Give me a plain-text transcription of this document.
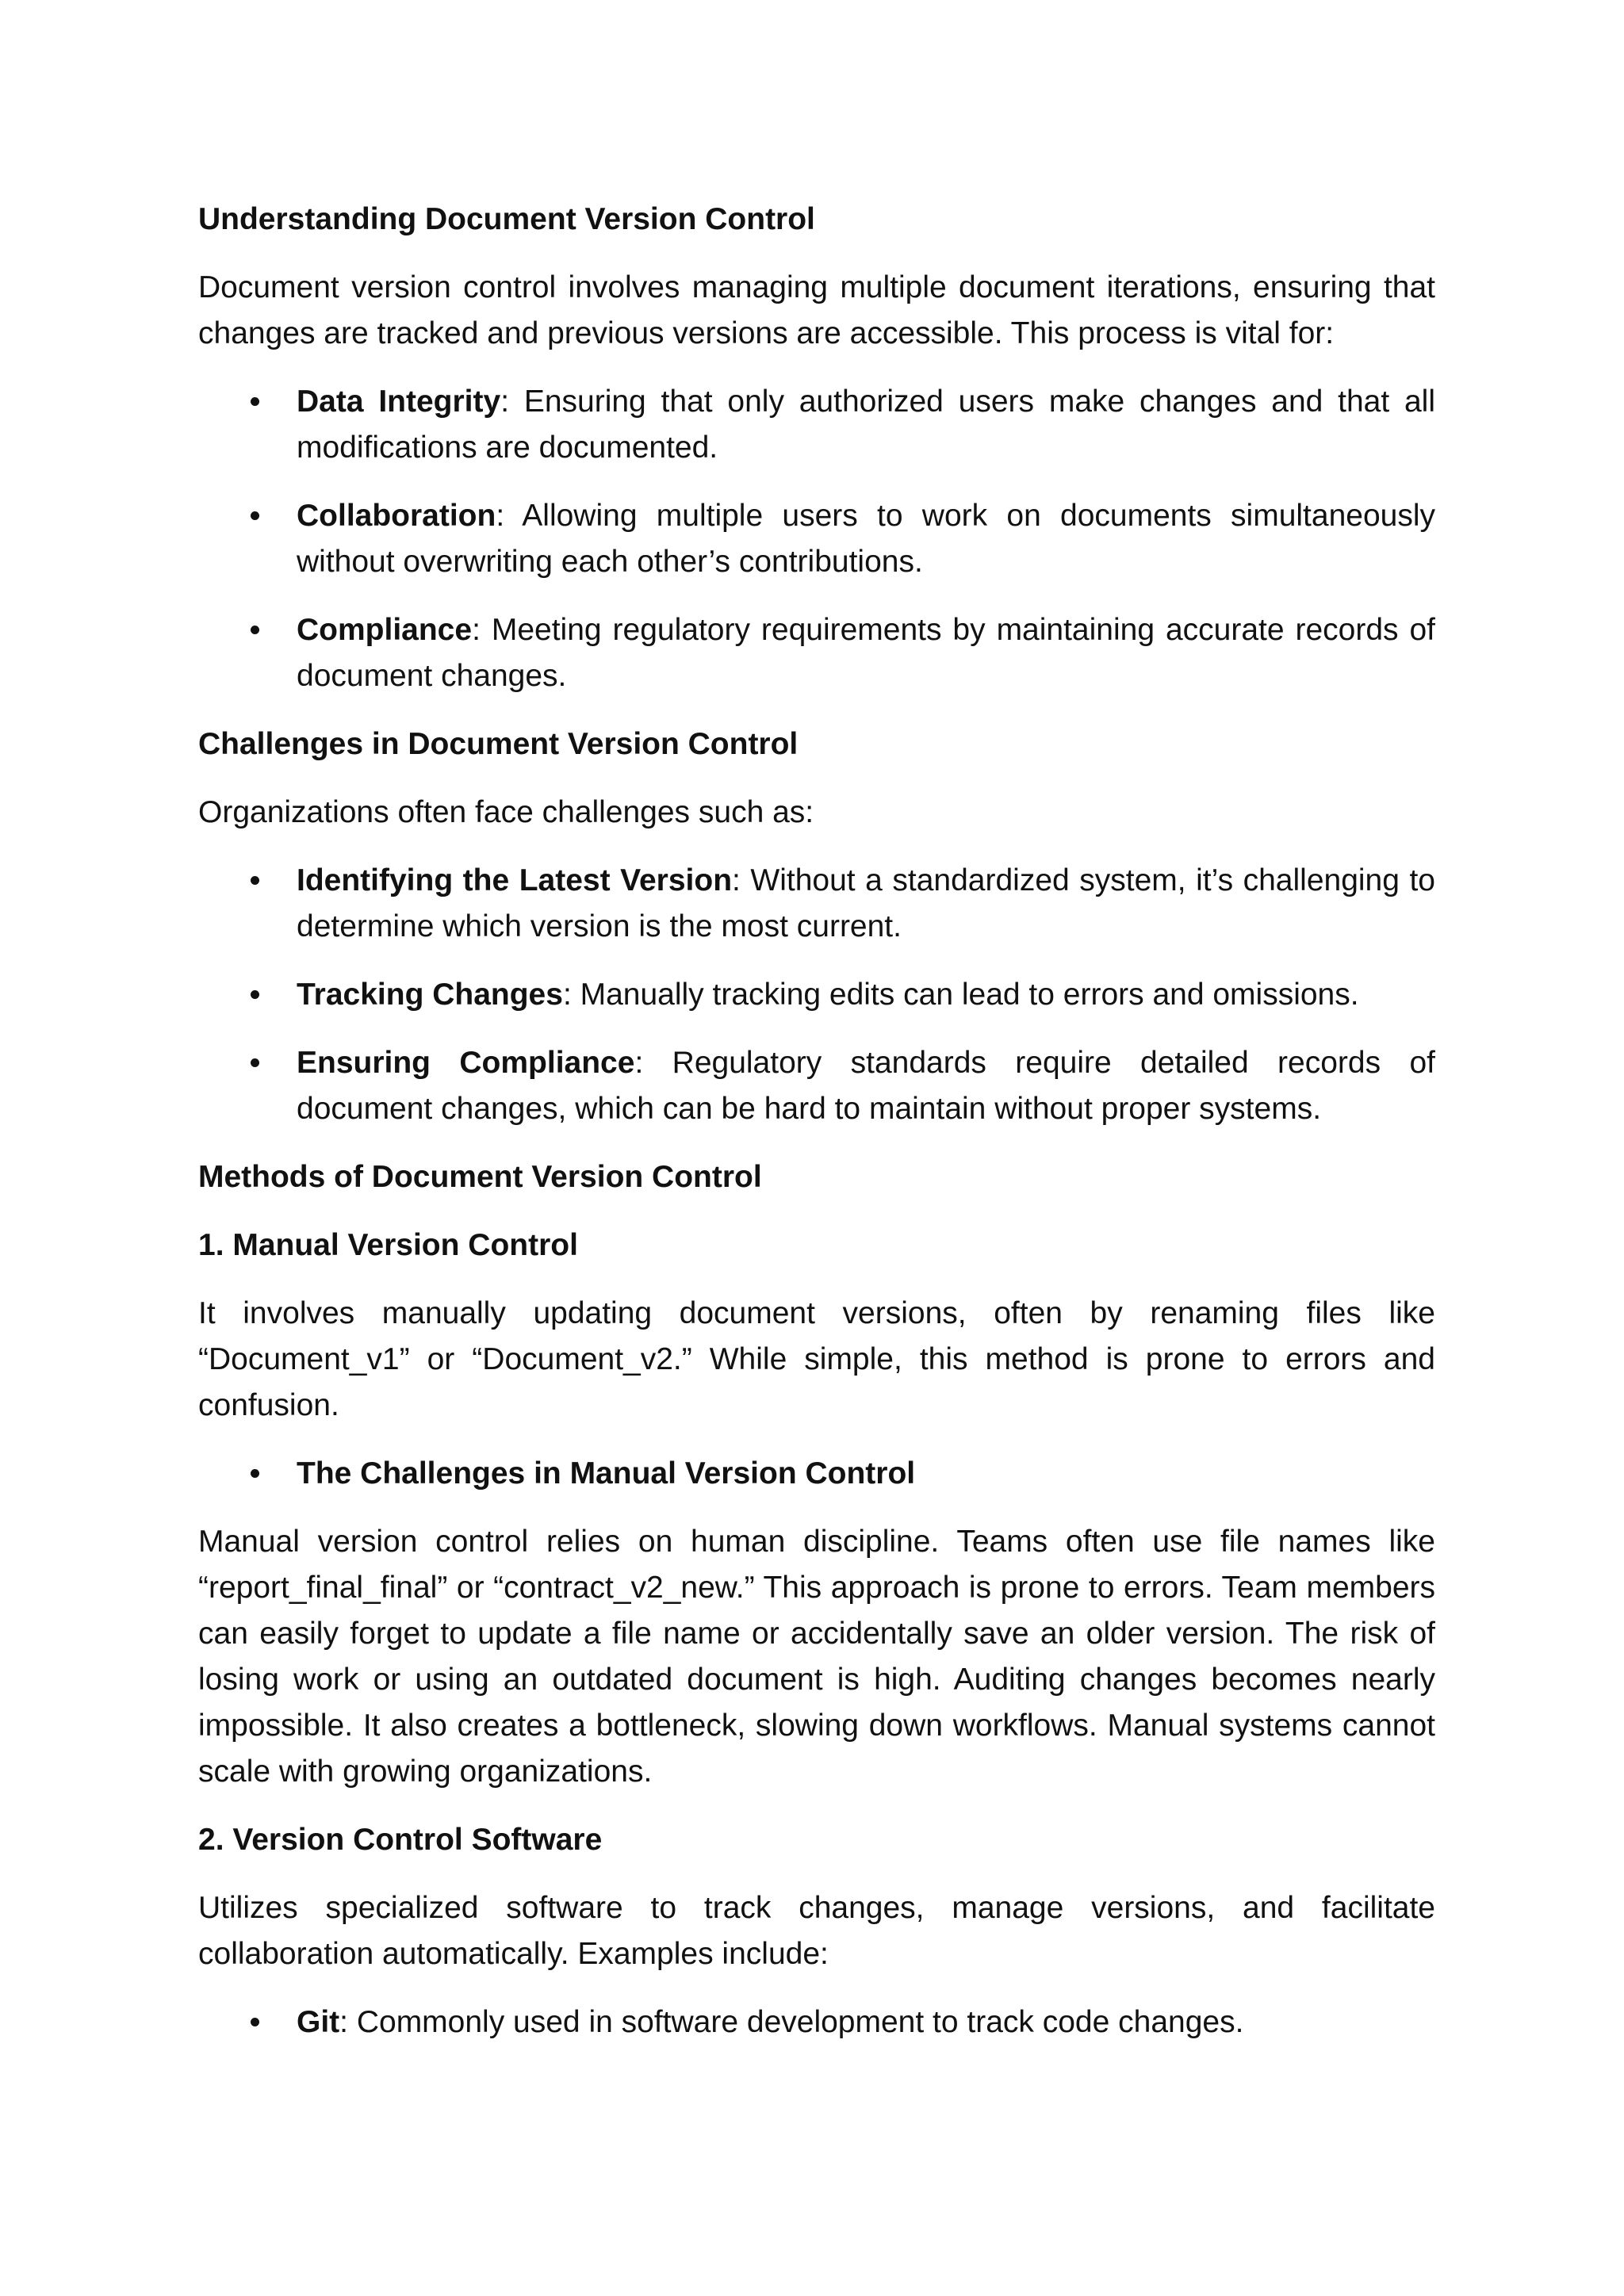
Understanding Document Version Control
Document version control involves managing multiple document iterations, ensuring that changes are tracked and previous versions are accessible. This process is vital for:
Data Integrity: Ensuring that only authorized users make changes and that all modifications are documented.
Collaboration: Allowing multiple users to work on documents simultaneously without overwriting each other’s contributions.
Compliance: Meeting regulatory requirements by maintaining accurate records of document changes.
Challenges in Document Version Control
Organizations often face challenges such as:
Identifying the Latest Version: Without a standardized system, it’s challenging to determine which version is the most current.
Tracking Changes: Manually tracking edits can lead to errors and omissions.
Ensuring Compliance: Regulatory standards require detailed records of document changes, which can be hard to maintain without proper systems.
Methods of Document Version Control
1. Manual Version Control
It involves manually updating document versions, often by renaming files like “Document_v1” or “Document_v2.” While simple, this method is prone to errors and confusion.
The Challenges in Manual Version Control
Manual version control relies on human discipline. Teams often use file names like “report_final_final” or “contract_v2_new.” This approach is prone to errors. Team members can easily forget to update a file name or accidentally save an older version. The risk of losing work or using an outdated document is high. Auditing changes becomes nearly impossible. It also creates a bottleneck, slowing down workflows. Manual systems cannot scale with growing organizations.
2. Version Control Software
Utilizes specialized software to track changes, manage versions, and facilitate collaboration automatically. Examples include:
Git: Commonly used in software development to track code changes.
